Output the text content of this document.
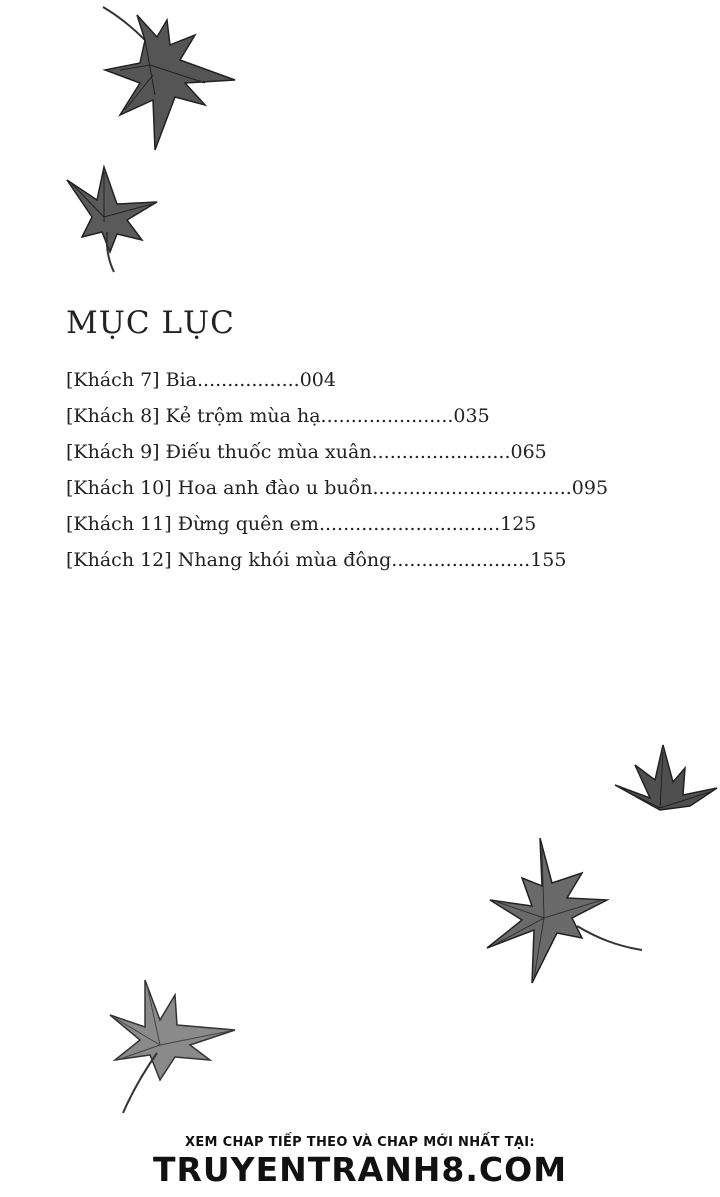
MỤC LỤC
[Khách 7] Bia.................004
[Khách 8] Kẻ trộm mùa hạ......................035
[Khách 9] Điếu thuốc mùa xuân.......................065
[Khách 10] Hoa anh đào u buồn.................................095
[Khách 11] Đừng quên em..............................125
[Khách 12] Nhang khói mùa đông.......................155
XEM CHAP TIẾP THEO VÀ CHAP MỚI NHẤT TẠI:
TRUYENTRANH8.COM
